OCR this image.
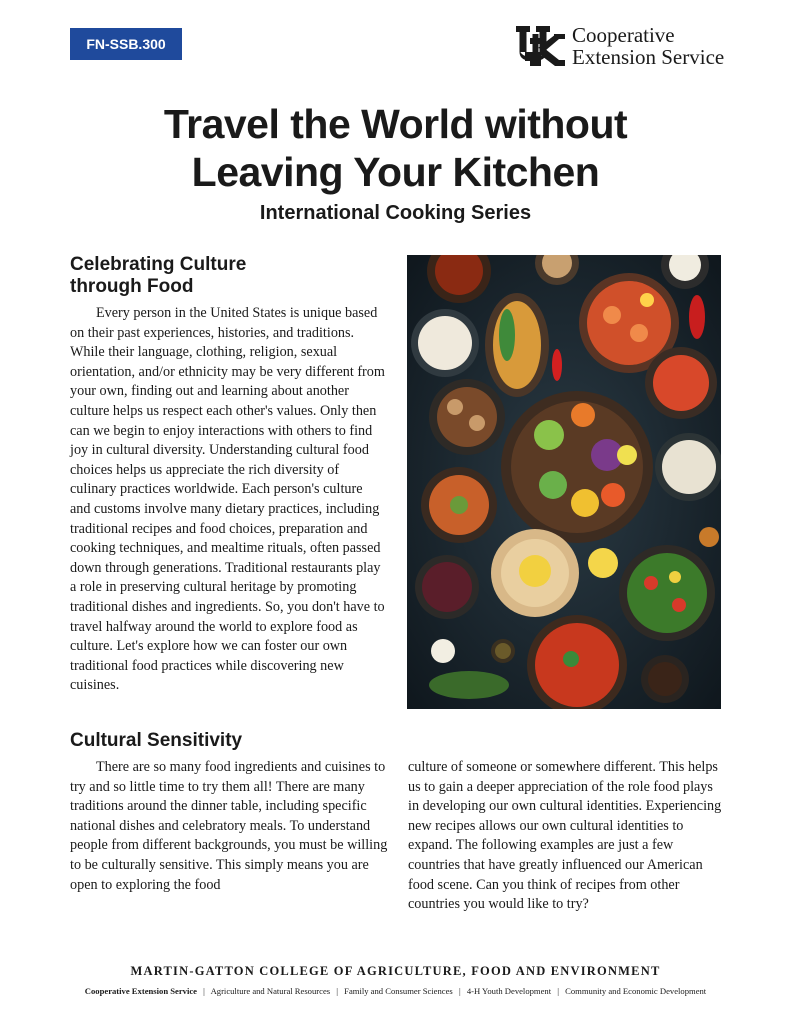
FN-SSB.300	Cooperative
Extension Service
Travel the World without
Leaving Your Kitchen
International Cooking Series
Celebrating Culture
through Food

Every person in the United States is unique based on their past experiences, histories, and traditions. While their language, clothing, religion, sexual orientation, and/or ethnicity may be very different from your own, finding out and learning about another culture helps us respect each other's values. Only then can we begin to enjoy interactions with others to find joy in cultural diversity. Understanding cultural food choices helps us appreciate the rich diversity of culinary practices worldwide. Each person's culture and customs involve many dietary practices, including traditional recipes and food choices, preparation and cooking techniques, and mealtime rituals, often passed down through generations. Traditional restaurants play a role in preserving cultural heritage by promoting traditional dishes and ingredients. So, you don't have to travel halfway around the world to explore food as culture. Let's explore how we can foster our own traditional food practices while discovering new cuisines.

Cultural Sensitivity

There are so many food ingredients and cuisines to try and so little time to try them all! There are many traditions around the dinner table, including specific national dishes and celebratory meals. To understand people from different backgrounds, you must be willing to be culturally sensitive. This simply means you are open to exploring the food

culture of someone or somewhere different. This helps us to gain a deeper appreciation of the role food plays in developing our own cultural identities. Experiencing new recipes allows our own cultural identities to expand. The following examples are just a few countries that have greatly influenced our American food scene. Can you think of recipes from other countries you would like to try?

MARTIN-GATTON COLLEGE OF AGRICULTURE, FOOD AND ENVIRONMENT
Cooperative Extension Service | Agriculture and Natural Resources | Family and Consumer Sciences | 4-H Youth Development | Community and Economic Development
